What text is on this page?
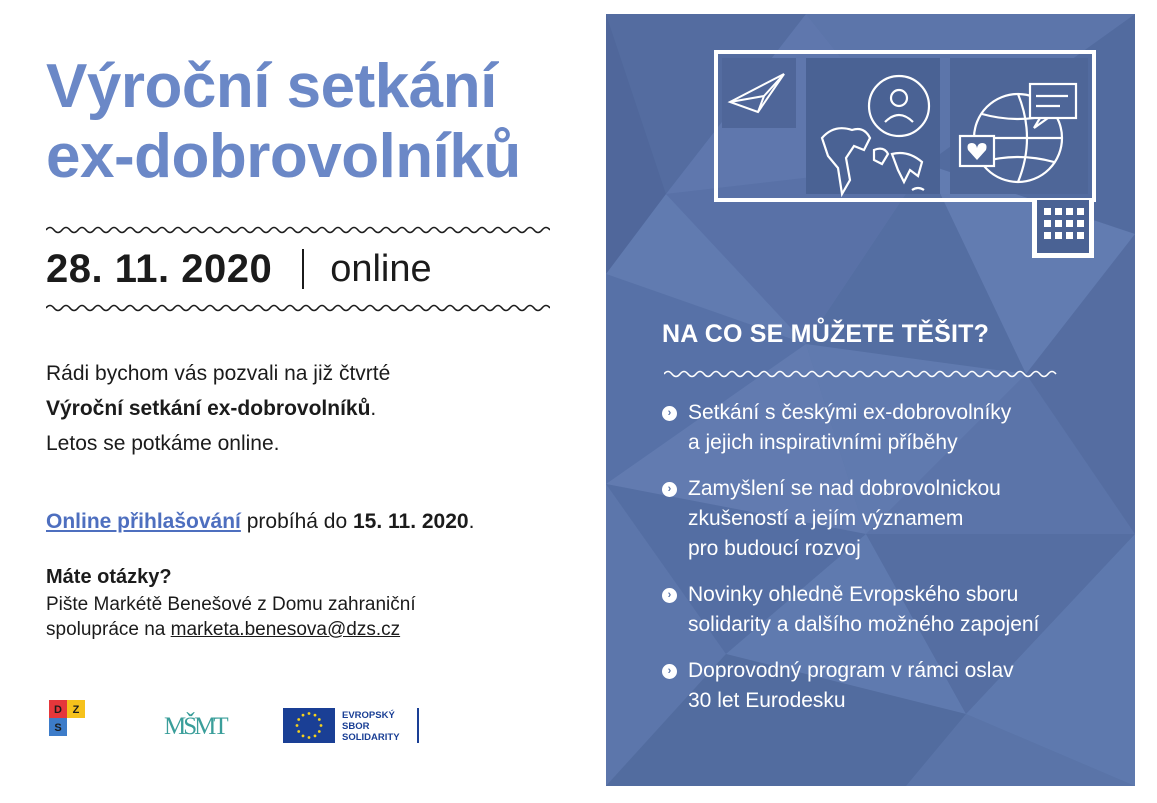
Výroční setkání
ex-dobrovolníků
28. 11. 2020 online

Rádi bychom vás pozvali na již čtvrté
Výroční setkání ex-dobrovolníků.
Letos se potkáme online.

Online přihlašování probíhá do 15. 11. 2020.

Máte otázky?
Pište Markétě Benešové z Domu zahraniční
spolupráce na marketa.benesova@dzs.cz
D Z
S	MŠMT	EVROPSKÝ
SBOR
SOLIDARITY
NA CO SE MŮŽETE TĚŠIT?
› Setkání s českými ex-dobrovolníky
a jejich inspirativními příběhy
› Zamyšlení se nad dobrovolnickou
zkušeností a jejím významem
pro budoucí rozvoj
› Novinky ohledně Evropského sboru
solidarity a dalšího možného zapojení
› Doprovodný program v rámci oslav
30 let Eurodesku
